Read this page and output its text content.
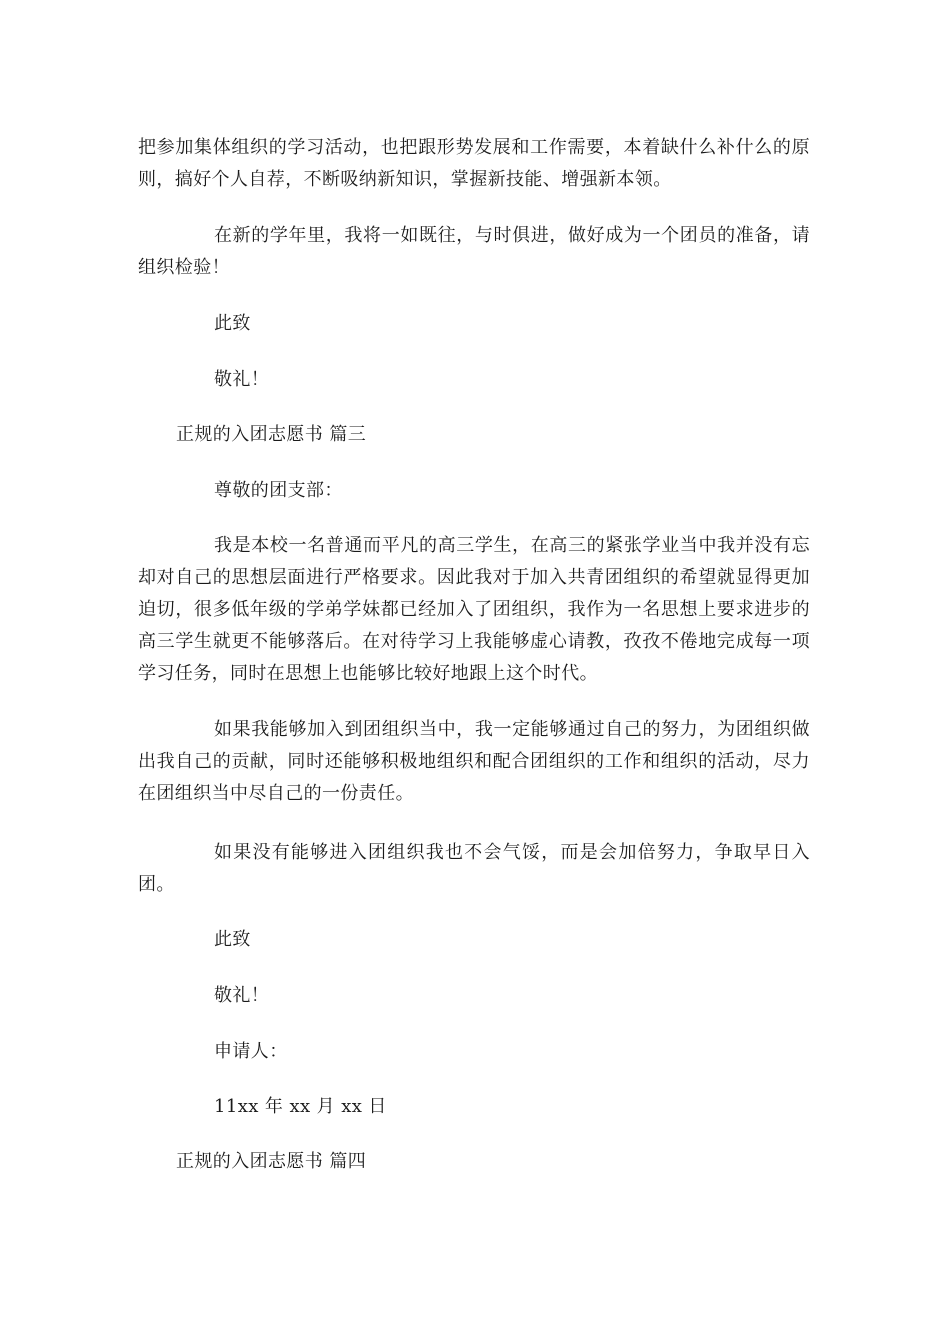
把参加集体组织的学习活动，也把跟形势发展和工作需要，本着缺什么补什么的原则，搞好个人自荐，不断吸纳新知识，掌握新技能、增强新本领。

在新的学年里，我将一如既往，与时俱进，做好成为一个团员的准备，请组织检验！

此致

敬礼！

正规的入团志愿书 篇三

尊敬的团支部：

我是本校一名普通而平凡的高三学生，在高三的紧张学业当中我并没有忘却对自己的思想层面进行严格要求。因此我对于加入共青团组织的希望就显得更加迫切，很多低年级的学弟学妹都已经加入了团组织，我作为一名思想上要求进步的高三学生就更不能够落后。在对待学习上我能够虚心请教，孜孜不倦地完成每一项学习任务，同时在思想上也能够比较好地跟上这个时代。

如果我能够加入到团组织当中，我一定能够通过自己的努力，为团组织做出我自己的贡献，同时还能够积极地组织和配合团组织的工作和组织的活动，尽力在团组织当中尽自己的一份责任。

如果没有能够进入团组织我也不会气馁，而是会加倍努力，争取早日入团。

此致

敬礼！

申请人：

11xx 年 xx 月 xx 日

正规的入团志愿书 篇四
